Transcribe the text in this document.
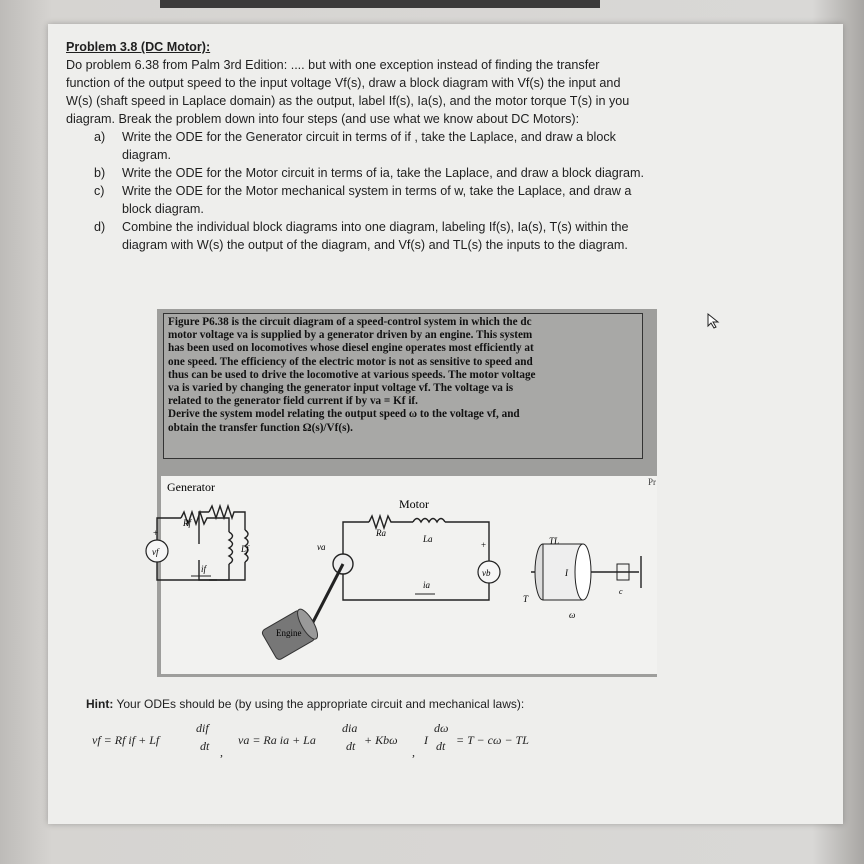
Problem 3.8 (DC Motor):

Do problem 6.38 from Palm 3rd Edition: .... but with one exception instead of finding the transfer

function of the output speed to the input voltage Vf(s), draw a block diagram with Vf(s) the input and

W(s) (shaft speed in Laplace domain) as the output, label If(s), Ia(s), and the motor torque T(s) in you

diagram. Break the problem down into four steps (and use what we know about DC Motors):

a) Write the ODE for the Generator circuit in terms of if , take the Laplace, and draw a block
diagram.
b) Write the ODE for the Motor circuit in terms of ia, take the Laplace, and draw a block diagram.
c) Write the ODE for the Motor mechanical system in terms of w, take the Laplace, and draw a
block diagram.
d) Combine the individual block diagrams into one diagram, labeling If(s), Ia(s), T(s) within the
diagram with W(s) the output of the diagram, and Vf(s) and TL(s) the inputs to the diagram.
Figure P6.38 is the circuit diagram of a speed-control system in which the dc
motor voltage va is supplied by a generator driven by an engine. This system
has been used on locomotives whose diesel engine operates most efficiently at
one speed. The efficiency of the electric motor is not as sensitive to speed and
thus can be used to drive the locomotive at various speeds. The motor voltage
va is varied by changing the generator input voltage vf. The voltage va is
related to the generator field current if by va = Kf if.
Derive the system model relating the output speed ω to the voltage vf, and
obtain the transfer function Ω(s)/Vf(s).
Generator
Motor
vf
+
Rf
Lf
if
Ra
La
va
ia
+
vb
Engine
TL
I
T
c
ω
Pr
Hint: Your ODEs should be (by using the appropriate circuit and mechanical laws):
vf = Rf if + Lf
dif
dt ,
va = Ra ia + La
dia
dt + Kbω
,
I
dω
dt = T − cω − TL
